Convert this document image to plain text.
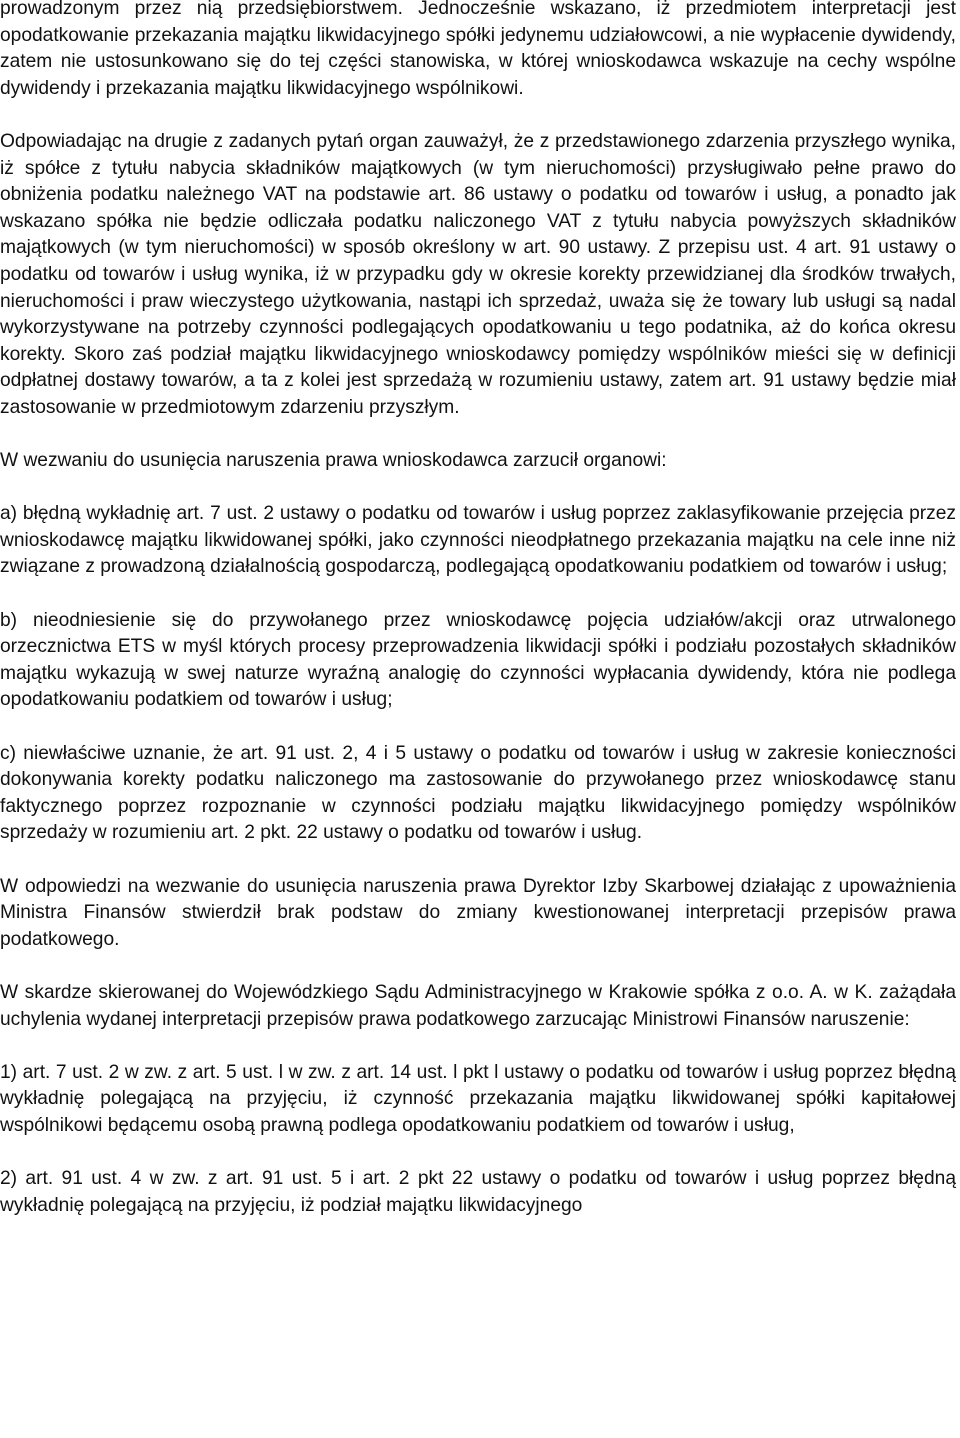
prowadzonym przez nią przedsiębiorstwem. Jednocześnie wskazano, iż przedmiotem interpretacji jest opodatkowanie przekazania majątku likwidacyjnego spółki jedynemu udziałowcowi, a nie wypłacenie dywidendy, zatem nie ustosunkowano się do tej części stanowiska, w której wnioskodawca wskazuje na cechy wspólne dywidendy i przekazania majątku likwidacyjnego wspólnikowi.

Odpowiadając na drugie z zadanych pytań organ zauważył, że z przedstawionego zdarzenia przyszłego wynika, iż spółce z tytułu nabycia składników majątkowych (w tym nieruchomości) przysługiwało pełne prawo do obniżenia podatku należnego VAT na podstawie art. 86 ustawy o podatku od towarów i usług, a ponadto jak wskazano spółka nie będzie odliczała podatku naliczonego VAT z tytułu nabycia powyższych składników majątkowych (w tym nieruchomości) w sposób określony w art. 90 ustawy. Z przepisu ust. 4 art. 91 ustawy o podatku od towarów i usług wynika, iż w przypadku gdy w okresie korekty przewidzianej dla środków trwałych, nieruchomości i praw wieczystego użytkowania, nastąpi ich sprzedaż, uważa się że towary lub usługi są nadal wykorzystywane na potrzeby czynności podlegających opodatkowaniu u tego podatnika, aż do końca okresu korekty. Skoro zaś podział majątku likwidacyjnego wnioskodawcy pomiędzy wspólników mieści się w definicji odpłatnej dostawy towarów, a ta z kolei jest sprzedażą w rozumieniu ustawy, zatem art. 91 ustawy będzie miał zastosowanie w przedmiotowym zdarzeniu przyszłym.

W wezwaniu do usunięcia naruszenia prawa wnioskodawca zarzucił organowi:

a) błędną wykładnię art. 7 ust. 2 ustawy o podatku od towarów i usług poprzez zaklasyfikowanie przejęcia przez wnioskodawcę majątku likwidowanej spółki, jako czynności nieodpłatnego przekazania majątku na cele inne niż związane z prowadzoną działalnością gospodarczą, podlegającą opodatkowaniu podatkiem od towarów i usług;

b) nieodniesienie się do przywołanego przez wnioskodawcę pojęcia udziałów/akcji oraz utrwalonego orzecznictwa ETS w myśl których procesy przeprowadzenia likwidacji spółki i podziału pozostałych składników majątku wykazują w swej naturze wyraźną analogię do czynności wypłacania dywidendy, która nie podlega opodatkowaniu podatkiem od towarów i usług;

c) niewłaściwe uznanie, że art. 91 ust. 2, 4 i 5 ustawy o podatku od towarów i usług w zakresie konieczności dokonywania korekty podatku naliczonego ma zastosowanie do przywołanego przez wnioskodawcę stanu faktycznego poprzez rozpoznanie w czynności podziału majątku likwidacyjnego pomiędzy wspólników sprzedaży w rozumieniu art. 2 pkt. 22 ustawy o podatku od towarów i usług.

W odpowiedzi na wezwanie do usunięcia naruszenia prawa Dyrektor Izby Skarbowej działając z upoważnienia Ministra Finansów stwierdził brak podstaw do zmiany kwestionowanej interpretacji przepisów prawa podatkowego.

W skardze skierowanej do Wojewódzkiego Sądu Administracyjnego w Krakowie spółka z o.o. A. w K. zażądała uchylenia wydanej interpretacji przepisów prawa podatkowego zarzucając Ministrowi Finansów naruszenie:

1) art. 7 ust. 2 w zw. z art. 5 ust. l w zw. z art. 14 ust. l pkt l ustawy o podatku od towarów i usług poprzez błędną wykładnię polegającą na przyjęciu, iż czynność przekazania majątku likwidowanej spółki kapitałowej wspólnikowi będącemu osobą prawną podlega opodatkowaniu podatkiem od towarów i usług,

2) art. 91 ust. 4 w zw. z art. 91 ust. 5 i art. 2 pkt 22 ustawy o podatku od towarów i usług poprzez błędną wykładnię polegającą na przyjęciu, iż podział majątku likwidacyjnego
